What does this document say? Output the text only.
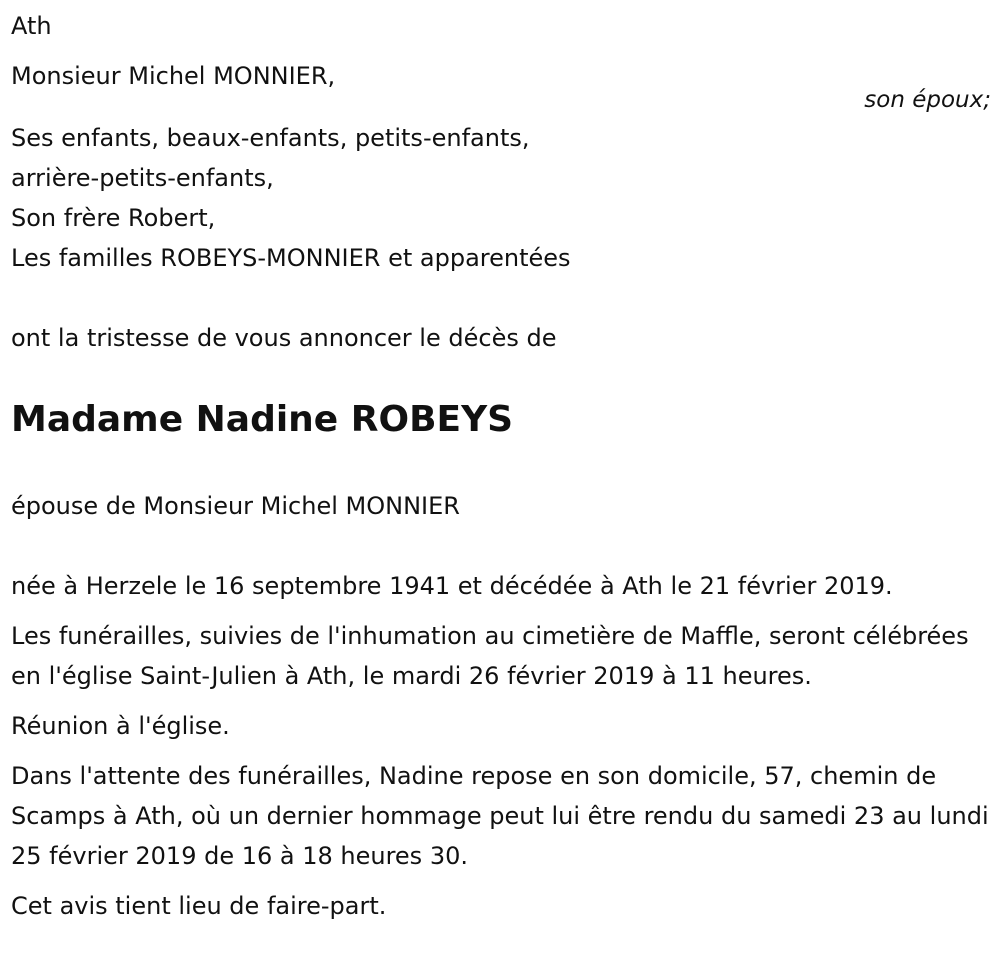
Ath
Monsieur Michel MONNIER,
son époux;
Ses enfants, beaux-enfants, petits-enfants,
arrière-petits-enfants,
Son frère Robert,
Les familles ROBEYS-MONNIER et apparentées
ont la tristesse de vous annoncer le décès de
Madame Nadine ROBEYS
épouse de Monsieur Michel MONNIER

née à Herzele le 16 septembre 1941 et décédée à Ath le 21 février 2019.

Les funérailles, suivies de l'inhumation au cimetière de Maffle, seront célébrées en l'église Saint-Julien à Ath, le mardi 26 février 2019 à 11 heures.

Réunion à l'église.

Dans l'attente des funérailles, Nadine repose en son domicile, 57, chemin de Scamps à Ath, où un dernier hommage peut lui être rendu du samedi 23 au lundi 25 février 2019 de 16 à 18 heures 30.

Cet avis tient lieu de faire-part.
